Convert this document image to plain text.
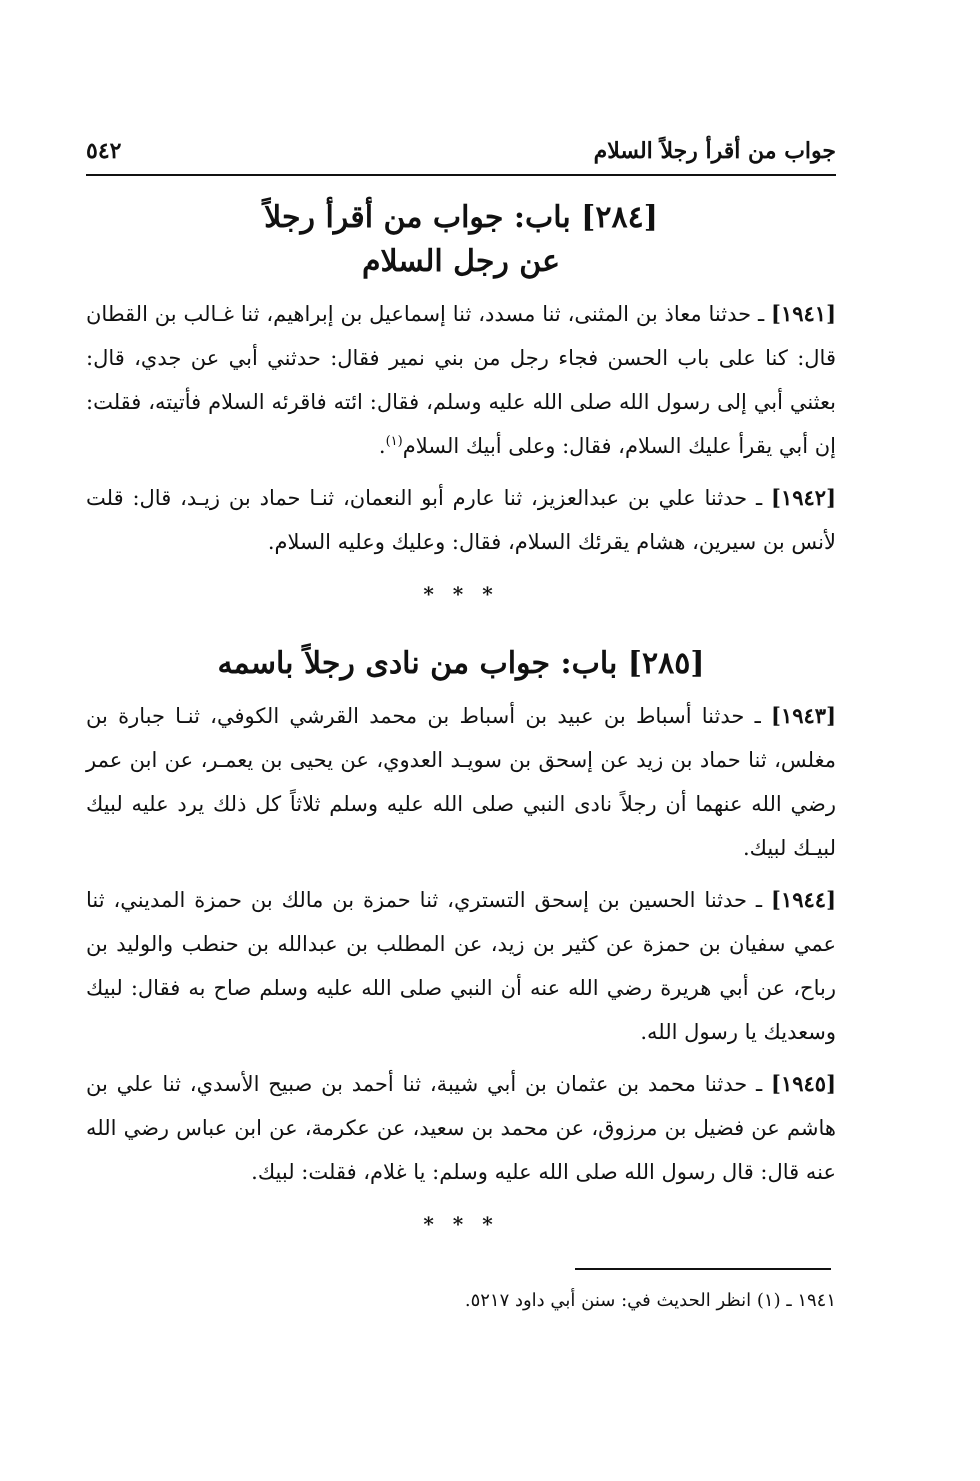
جواب من أقرأ رجلاً السلام
٥٤٢
[٢٨٤] باب: جواب من أقرأ رجلاً
عن رجل السلام

[١٩٤١] ـ حدثنا معاذ بن المثنى، ثنا مسدد، ثنا إسماعيل بن إبراهيم، ثنا غـالب بن القطان قال: كنا على باب الحسن فجاء رجل من بني نمير فقال: حدثني أبي عن جدي، قال: بعثني أبي إلى رسول الله صلى الله عليه وسلم، فقال: ائته فاقرئه السلام فأتيته، فقلت: إن أبي يقرأ عليك السلام، فقال: وعلى أبيك السلام$^{(١)}$.

[١٩٤٢] ـ حدثنا علي بن عبدالعزيز، ثنا عارم أبو النعمان، ثنـا حماد بن زيـد، قال: قلت لأنس بن سيرين، هشام يقرئك السلام، فقال: وعليك وعليه السلام.

* * *

[٢٨٥] باب: جواب من نادى رجلاً باسمه

[١٩٤٣] ـ حدثنا أسباط بن عبيد بن أسباط بن محمد القرشي الكوفي، ثنـا جبارة بن مغلس، ثنا حماد بن زيد عن إسحق بن سويـد العدوي، عن يحيى بن يعمـر، عن ابن عمر رضي الله عنهما أن رجلاً نادى النبي صلى الله عليه وسلم ثلاثاً كل ذلك يرد عليه لبيك لبيـك لبيك.

[١٩٤٤] ـ حدثنا الحسين بن إسحق التستري، ثنا حمزة بن مالك بن حمزة المديني، ثنا عمي سفيان بن حمزة عن كثير بن زيد، عن المطلب بن عبدالله بن حنطب والوليد بن رباح، عن أبي هريرة رضي الله عنه أن النبي صلى الله عليه وسلم صاح به فقال: لبيك وسعديك يا رسول الله.

[١٩٤٥] ـ حدثنا محمد بن عثمان بن أبي شيبة، ثنا أحمد بن صبيح الأسدي، ثنا علي بن هاشم عن فضيل بن مرزوق، عن محمد بن سعيد، عن عكرمة، عن ابن عباس رضي الله عنه قال: قال رسول الله صلى الله عليه وسلم: يا غلام، فقلت: لبيك.

* * *

١٩٤١ ـ (١) انظر الحديث في: سنن أبي داود ٥٢١٧.
